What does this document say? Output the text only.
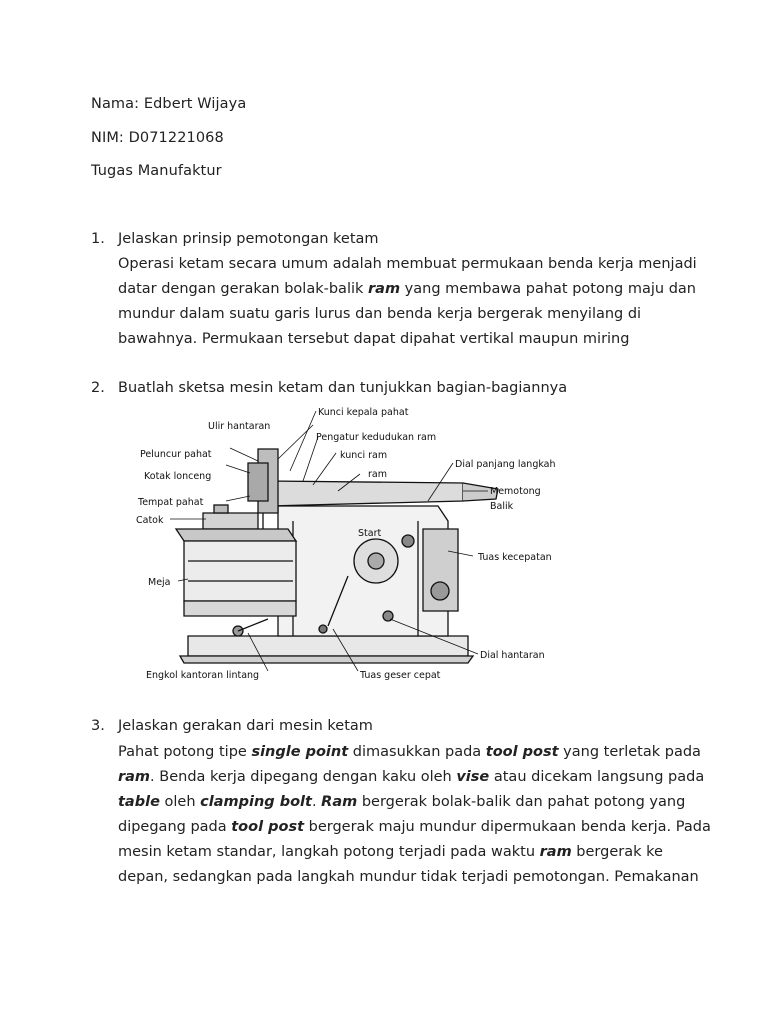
Nama: Edbert Wijaya
NIM: D071221068
Tugas Manufaktur
1. Jelaskan prinsip pemotongan ketam

Operasi ketam secara umum adalah membuat permukaan benda kerja menjadi

datar dengan gerakan bolak-balik ram yang membawa pahat potong maju dan

mundur dalam suatu garis lurus dan benda kerja bergerak menyilang di

bawahnya. Permukaan tersebut dapat dipahat vertikal maupun miring

2. Buatlah sketsa mesin ketam dan tunjukkan bagian-bagiannya
Kunci kepala pahat
Ulir hantaran
Pengatur kedudukan ram
Peluncur pahat	kunci ram
ram
Kotak lonceng
Dial panjang langkah
Tempat pahat
Memotong
Balik
Catok
Start
Tuas kecepatan
Meja
Dial hantaran
Engkol kantoran lintang	Tuas geser cepat
3. Jelaskan gerakan dari mesin ketam

Pahat potong tipe single point dimasukkan pada tool post yang terletak pada

ram. Benda kerja dipegang dengan kaku oleh vise atau dicekam langsung pada

table oleh clamping bolt. Ram bergerak bolak-balik dan pahat potong yang

dipegang pada tool post bergerak maju mundur dipermukaan benda kerja. Pada

mesin ketam standar, langkah potong terjadi pada waktu ram bergerak ke

depan, sedangkan pada langkah mundur tidak terjadi pemotongan. Pemakanan
